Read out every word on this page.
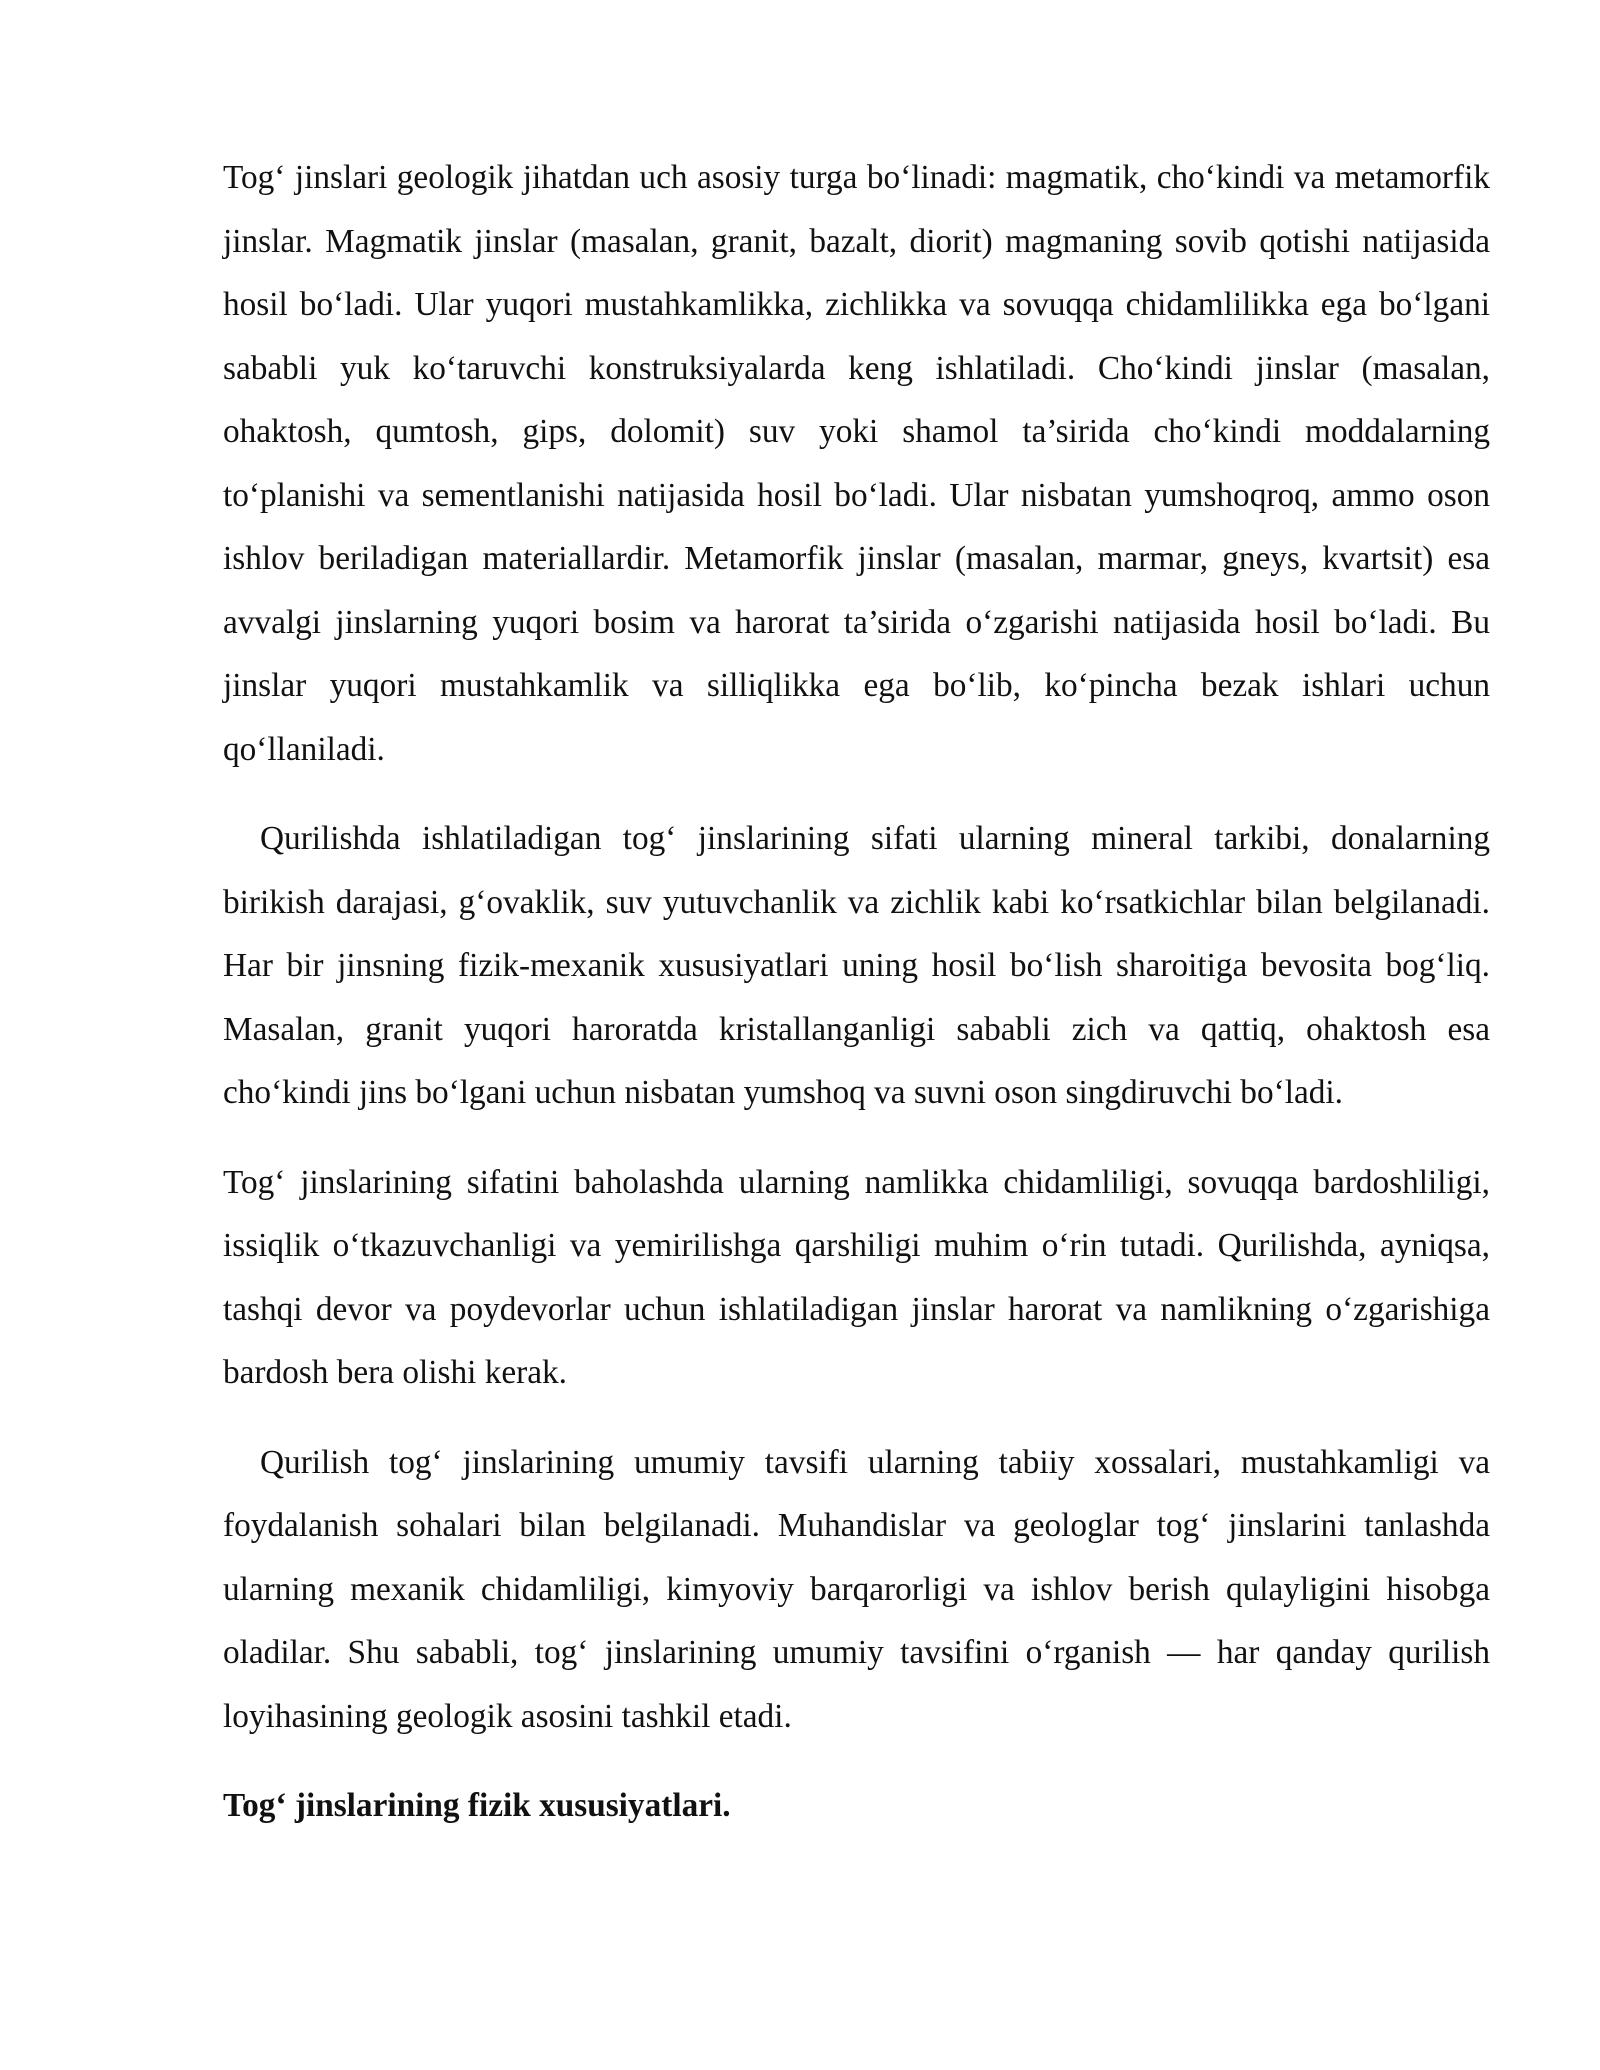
Tog‘ jinslari geologik jihatdan uch asosiy turga bo‘linadi: magmatik, cho‘kindi va metamorfik jinslar. Magmatik jinslar (masalan, granit, bazalt, diorit) magmaning sovib qotishi natijasida hosil bo‘ladi. Ular yuqori mustahkamlikka, zichlikka va sovuqqa chidamlilikka ega bo‘lgani sababli yuk ko‘taruvchi konstruksiyalarda keng ishlatiladi. Cho‘kindi jinslar (masalan, ohaktosh, qumtosh, gips, dolomit) suv yoki shamol ta’sirida cho‘kindi moddalarning to‘planishi va sementlanishi natijasida hosil bo‘ladi. Ular nisbatan yumshoqroq, ammo oson ishlov beriladigan materiallardir. Metamorfik jinslar (masalan, marmar, gneys, kvartsit) esa avvalgi jinslarning yuqori bosim va harorat ta’sirida o‘zgarishi natijasida hosil bo‘ladi. Bu jinslar yuqori mustahkamlik va silliqlikka ega bo‘lib, ko‘pincha bezak ishlari uchun qo‘llaniladi.

Qurilishda ishlatiladigan tog‘ jinslarining sifati ularning mineral tarkibi, donalarning birikish darajasi, g‘ovaklik, suv yutuvchanlik va zichlik kabi ko‘rsatkichlar bilan belgilanadi. Har bir jinsning fizik-mexanik xususiyatlari uning hosil bo‘lish sharoitiga bevosita bog‘liq. Masalan, granit yuqori haroratda kristallanganligi sababli zich va qattiq, ohaktosh esa cho‘kindi jins bo‘lgani uchun nisbatan yumshoq va suvni oson singdiruvchi bo‘ladi.

Tog‘ jinslarining sifatini baholashda ularning namlikka chidamliligi, sovuqqa bardoshliligi, issiqlik o‘tkazuvchanligi va yemirilishga qarshiligi muhim o‘rin tutadi. Qurilishda, ayniqsa, tashqi devor va poydevorlar uchun ishlatiladigan jinslar harorat va namlikning o‘zgarishiga bardosh bera olishi kerak.

Qurilish tog‘ jinslarining umumiy tavsifi ularning tabiiy xossalari, mustahkamligi va foydalanish sohalari bilan belgilanadi. Muhandislar va geologlar tog‘ jinslarini tanlashda ularning mexanik chidamliligi, kimyoviy barqarorligi va ishlov berish qulayligini hisobga oladilar. Shu sababli, tog‘ jinslarining umumiy tavsifini o‘rganish — har qanday qurilish loyihasining geologik asosini tashkil etadi.

Tog‘ jinslarining fizik xususiyatlari.
